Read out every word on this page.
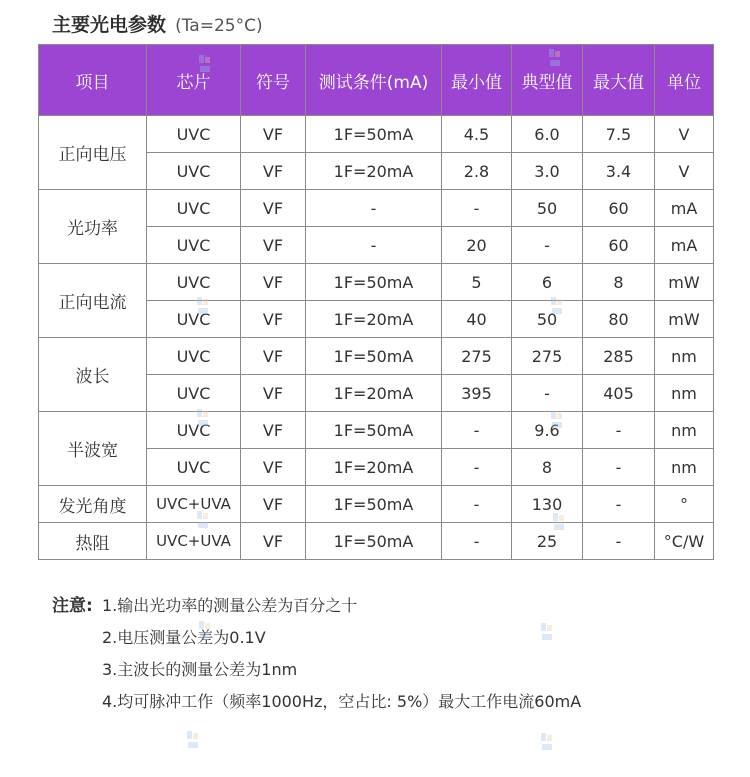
主要光电参数 (Ta=25°C)
项目	芯片	符号	测试条件(mA)	最小值	典型值	最大值	单位
正向电压	UVC	VF	1F=50mA	4.5	6.0	7.5	V
	UVC	VF	1F=20mA	2.8	3.0	3.4	V
光功率	UVC	VF	-	-	50	60	mA
	UVC	VF	-	20	-	60	mA
正向电流	UVC	VF	1F=50mA	5	6	8	mW
	UVC	VF	1F=20mA	40	50	80	mW
波长	UVC	VF	1F=50mA	275	275	285	nm
	UVC	VF	1F=20mA	395	-	405	nm
半波宽	UVC	VF	1F=50mA	-	9.6	-	nm
	UVC	VF	1F=20mA	-	8	-	nm
发光角度	UVC+UVA	VF	1F=50mA	-	130	-	°
热阻	UVC+UVA	VF	1F=50mA	-	25	-	°C/W
注意: 1.输出光功率的测量公差为百分之十
2.电压测量公差为0.1V
3.主波长的测量公差为1nm
4.均可脉冲工作（频率1000Hz，空占比: 5%）最大工作电流60mA
